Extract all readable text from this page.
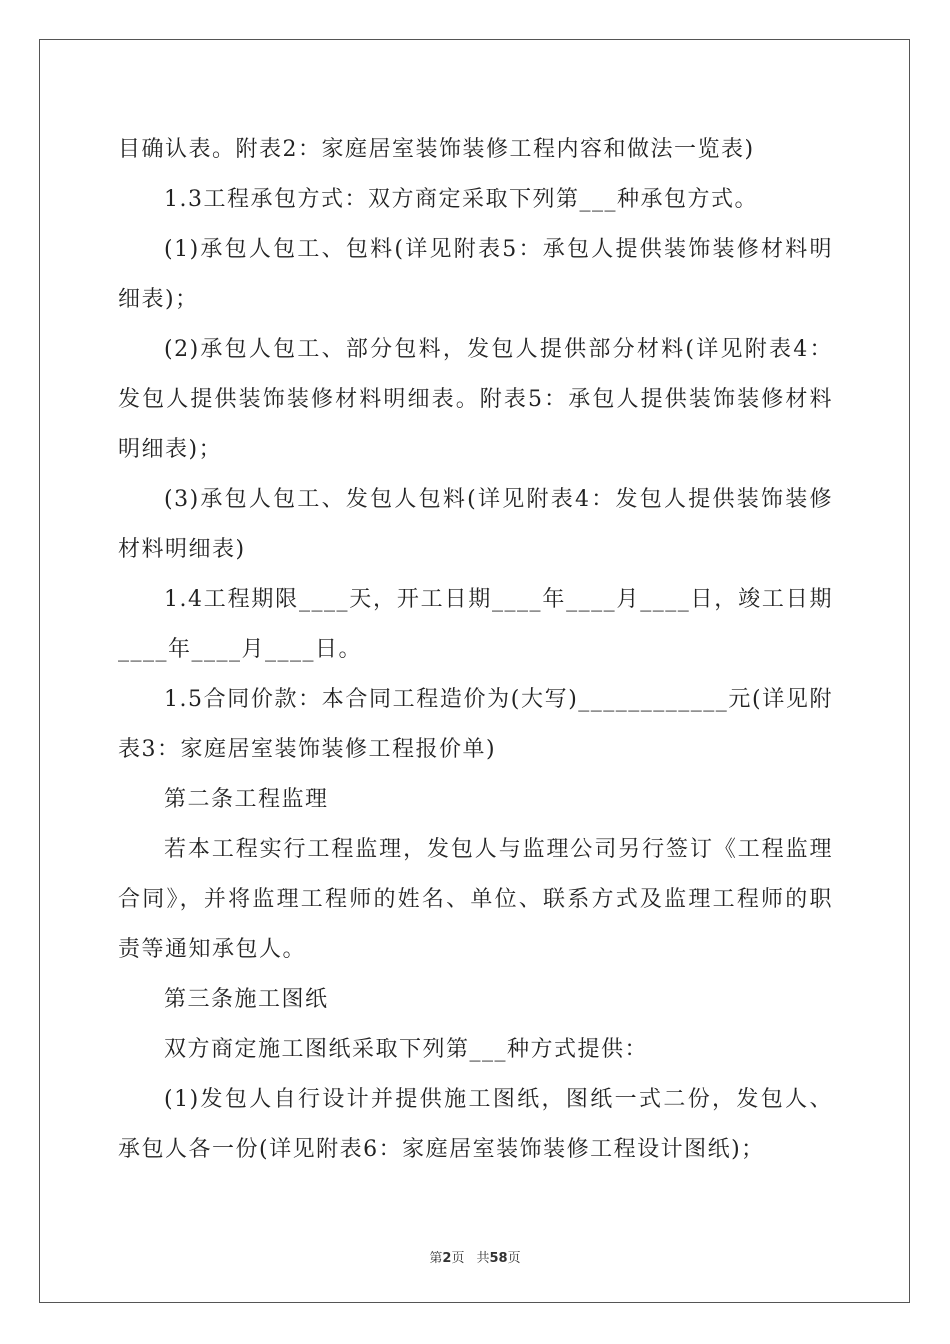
目确认表。附表2：家庭居室装饰装修工程内容和做法一览表)

1.3工程承包方式：双方商定采取下列第___种承包方式。

(1)承包人包工、包料(详见附表5：承包人提供装饰装修材料明细表)；

(2)承包人包工、部分包料，发包人提供部分材料(详见附表4：发包人提供装饰装修材料明细表。附表5：承包人提供装饰装修材料明细表)；

(3)承包人包工、发包人包料(详见附表4：发包人提供装饰装修材料明细表)

1.4工程期限____天，开工日期____年____月____日，竣工日期____年____月____日。

1.5合同价款：本合同工程造价为(大写)____________元(详见附表3：家庭居室装饰装修工程报价单)

第二条工程监理

若本工程实行工程监理，发包人与监理公司另行签订《工程监理合同》，并将监理工程师的姓名、单位、联系方式及监理工程师的职责等通知承包人。

第三条施工图纸

双方商定施工图纸采取下列第___种方式提供：

(1)发包人自行设计并提供施工图纸，图纸一式二份，发包人、承包人各一份(详见附表6：家庭居室装饰装修工程设计图纸)；

第2页 共58页
